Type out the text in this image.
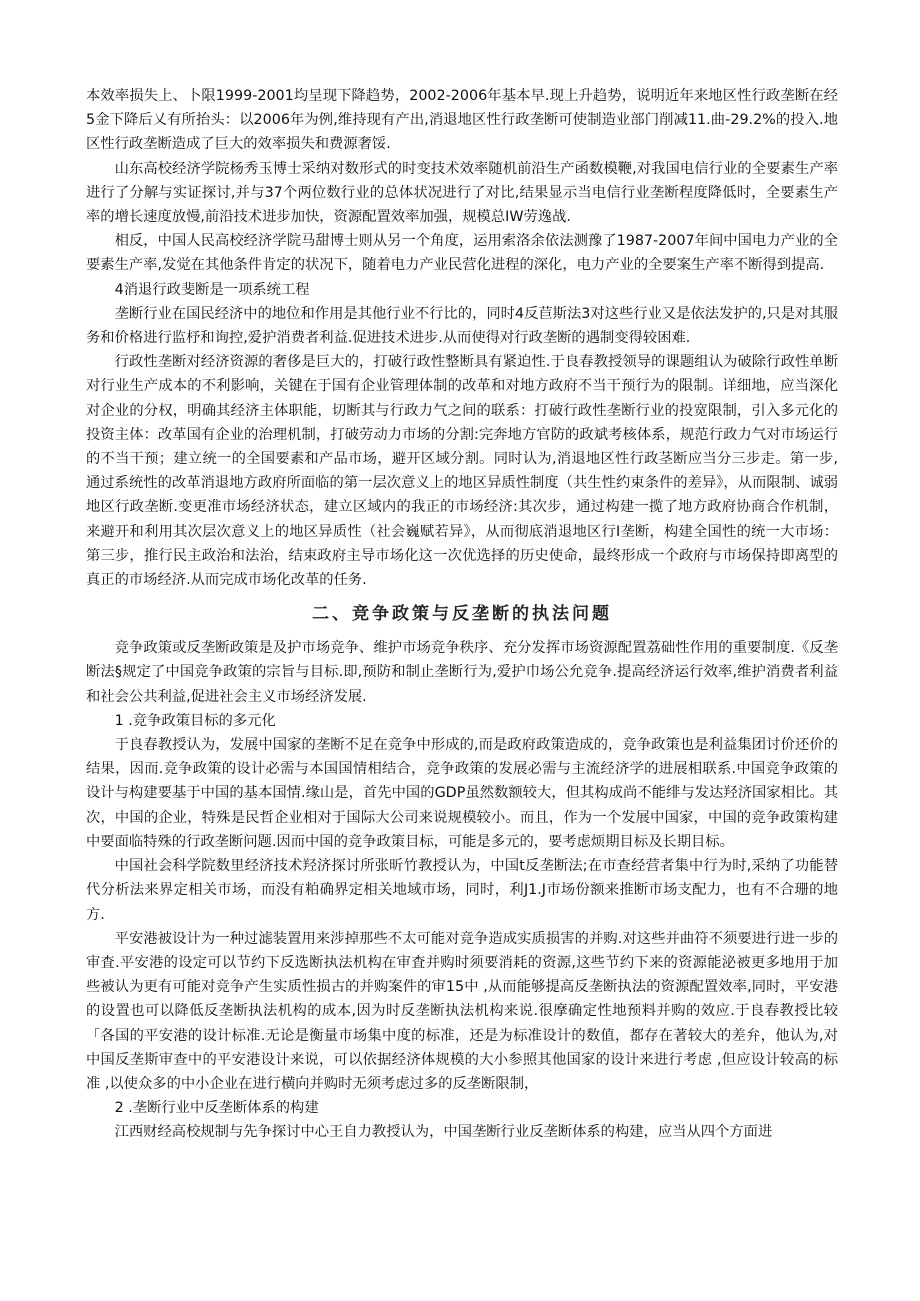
本效率损失上、卜限1999-2001均呈现下降趋势，2002-2006年基本早.现上升趋势，说明近年来地区性行政垄断在经5金下降后乂有所抬头：以2006年为例,维持现有产出,消退地区性行政垄断可使制造业部门削减11.曲-29.2%的投入.地区性行政垄断造成了巨大的效率损失和费源奢馁.

山东高校经济学院杨秀玉博士采纳对数形式的时变技术效率随机前沿生产函数模鞭,对我国电信行业的全要素生产率进行了分解与实证探讨,并与37个两位数行业的总体状况进行了对比,结果显示当电信行业垄断程度降低时，全要素生产率的增长速度放慢,前沿技术进步加快，资源配置效率加强，规模总IW劳逸战.

相反，中国人民高校经济学院马甜博士则从另一个角度，运用索洛余依法测豫了1987-2007年间中国电力产业的全要素生产率,发觉在其他条件肯定的状况下，随着电力产业民营化进程的深化，电力产业的全要案生产率不断得到提高.

4消退行政斐断是一项系统工程

垄断行业在国民经济中的地位和作用是其他行业不行比的，同时4反苣斯法3对这些行业又是依法发护的,只是对其服务和价格进行监杼和询控,爱护消费者利益.促进技术进步.从而使得对行政垄断的遇制变得较困难.

行政性垄断对经济资源的奢侈是巨大的，打破行政性整断具有紧迫性.于良春教授领导的课题组认为破除行政性单断对行业生产成本的不利影响，关键在于国有企业管理体制的改革和对地方政府不当干预行为的限制。详细地，应当深化对企业的分权，明确其经济主体职能，切断其与行政力气之间的联系：打破行政性垄断行业的投宽限制，引入多元化的投资主体：改革国有企业的治理机制，打破劳动力市场的分割:完奔地方官防的政斌考核体系，规范行政力气对市场运行的不当干预；建立统一的全国要素和产品市场，避开区域分割。同时认为,消退地区性行政茎断应当分三步走。第一步,通过系统性的改革消退地方政府所面临的第一层次意义上的地区异质性制度（共生性约束条件的差异》，从而限制、诚弱地区行政垄断.变更准市场经济状态，建立区域内的我正的市场经济:其次步，通过构建一揽了地方政府协商合作机制，来避开和利用其次层次意义上的地区异质性（社会巍赋若异》，从而彻底消退地区行I垄断，构建全国性的统一大市场：第三步，推行民主政治和法治，结束政府主导市场化这一次优选择的历史使命，最终形成一个政府与市场保持即离型的真正的市场经济.从而完成市场化改革的任务.

二、竞争政策与反垄断的执法问题

竞争政策或反垄断政策是及护市场竞争、维护市场竞争秩序、充分发挥市场资源配置荔础性作用的重要制度.《反垄断法§规定了中国竞争政策的宗旨与目标.即,预防和制止垄断行为,爱护巾场公允竞争.提高经济运行效率,维护消费者利益和社会公共利益,促进社会主义市场经济发展.

1 .竞争政策目标的多元化

于良春教授认为，发展中国家的垄断不足在竞争中形成的,而是政府政策造成的，竞争政策也是利益集团讨价还价的结果，因而.竞争政策的设计必需与本国国情相结合，竞争政策的发展必需与主流经济学的进展相联系.中国竞争政策的设计与构建要基于中国的基本国情.缘山是，首先中国的GDP虽然数额较大，但其构成尚不能绯与发达羟济国家相比。其次，中国的企业，特殊是民哲企业相对于国际大公司来说规模较小。而且，作为一个发展中国家，中国的竞争政策构建中要面临特殊的行政垄断问题.因而中国的竞争政策目标，可能是多元的，要考虑烦期目标及长期目标。

中国社会科学院数里经济技术羟济探讨所张昕竹教授认为，中国t反垄断法;在市查经营者集中行为时,采纳了功能替代分析法来界定相关市场，而没有粕确界定相关地域市场，同时，利J1.J市场份额来推断市场支配力，也有不合珊的地方.

平安港被设计为一种过滤装置用来涉掉那些不太可能对竞争造成实质损害的并购.对这些并曲符不须要进行进一步的审査.平安港的设定可以节约下反选断执法机构在审査并购时须要消耗的资源,这些节约下来的资源能泌被更多地用于加些被认为更有可能对竞争产生实质性损古的并购案件的审15中 ,从而能够提高反垄断执法的资源配置效率,同时，平安港的设置也可以降低反垄断执法机构的成本,因为时反垄断执法机构来说.很摩确定性地预料并购的效应.于良春教授比较「各国的平安港的设计标准.无论是衡量市场集中度的标准，还是为标准设计的数值，都存在著较大的差弁，他认为,对中国反垄斯审查中的平安港设计来说，可以依据经济体规模的大小参照其他国家的设计来进行考虑 ,但应设计较高的标准 ,以使众多的中小企业在进行横向并购时无须考虑过多的反垄断限制，

2 .垄断行业中反垄断体系的构建

江西财经高校规制与先争探讨中心王自力教授认为，中国垄断行业反垄断体系的构建，应当从四个方面进
